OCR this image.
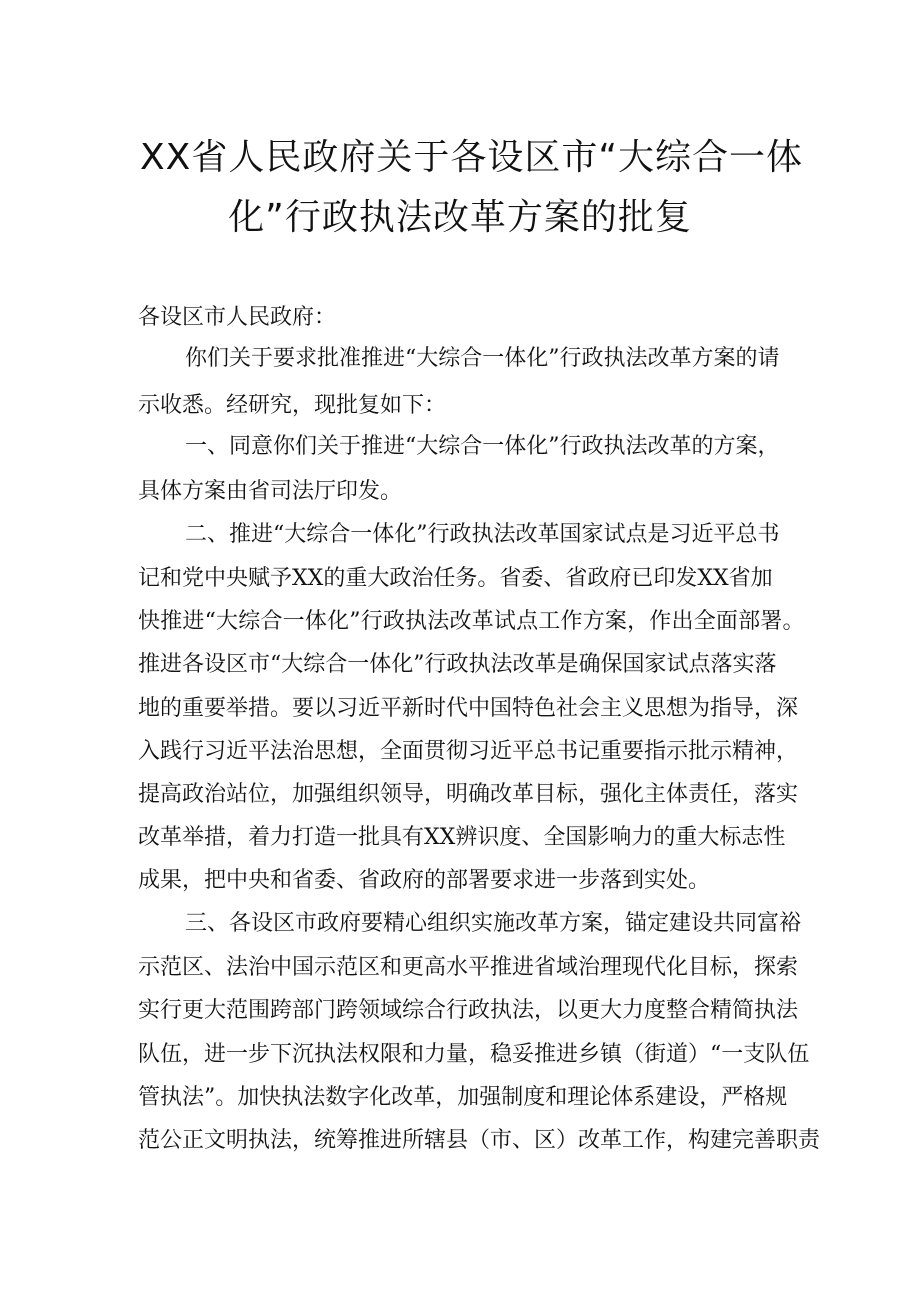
XX省人民政府关于各设区市“大综合一体
化”行政执法改革方案的批复

各设区市人民政府：

你们关于要求批准推进“大综合一体化”行政执法改革方案的请

示收悉。经研究，现批复如下：

一、同意你们关于推进“大综合一体化”行政执法改革的方案，

具体方案由省司法厅印发。

二、推进“大综合一体化”行政执法改革国家试点是习近平总书

记和党中央赋予XX的重大政治任务。省委、省政府已印发XX省加

快推进“大综合一体化”行政执法改革试点工作方案，作出全面部署。

推进各设区市“大综合一体化”行政执法改革是确保国家试点落实落

地的重要举措。要以习近平新时代中国特色社会主义思想为指导，深

入践行习近平法治思想，全面贯彻习近平总书记重要指示批示精神，

提高政治站位，加强组织领导，明确改革目标，强化主体责任，落实

改革举措，着力打造一批具有XX辨识度、全国影响力的重大标志性

成果，把中央和省委、省政府的部署要求进一步落到实处。

三、各设区市政府要精心组织实施改革方案，锚定建设共同富裕

示范区、法治中国示范区和更高水平推进省域治理现代化目标，探索

实行更大范围跨部门跨领域综合行政执法，以更大力度整合精简执法

队伍，进一步下沉执法权限和力量，稳妥推进乡镇（街道）“一支队伍

管执法”。加快执法数字化改革，加强制度和理论体系建设，严格规

范公正文明执法，统筹推进所辖县（市、区）改革工作，构建完善职责
